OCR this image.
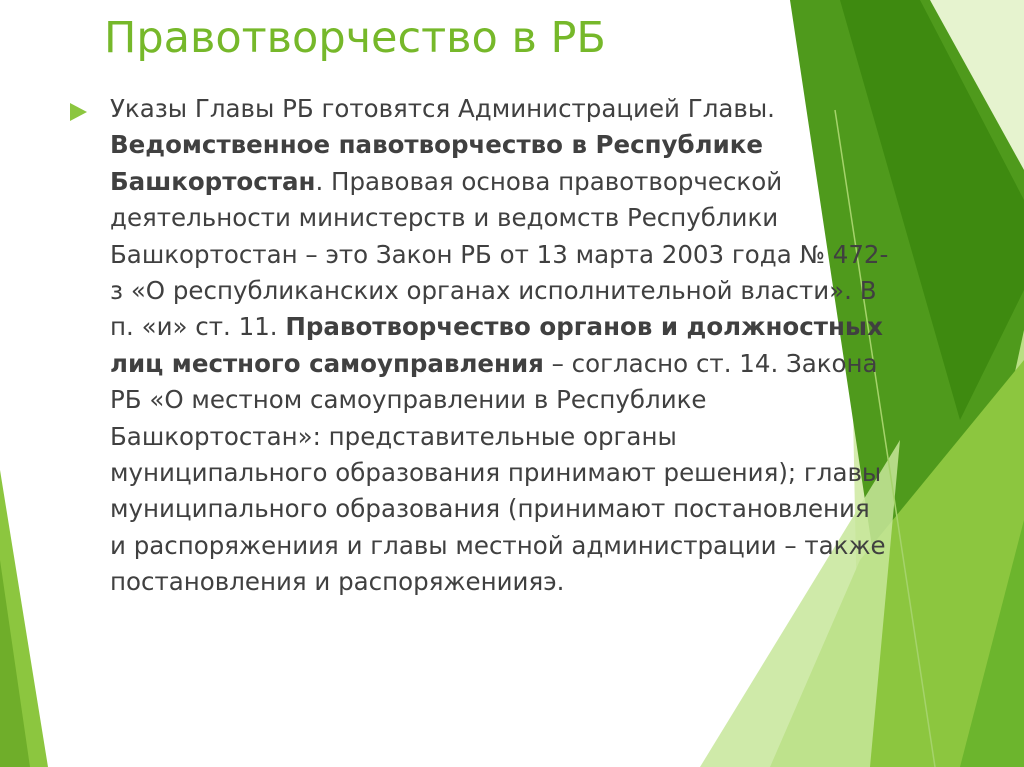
Правотворчество в РБ

Указы Главы РБ готовятся Администрацией Главы.
Ведомственное павотворчество в Республике
Башкортостан. Правовая основа правотворческой
деятельности министерств и ведомств Республики
Башкортостан – это Закон РБ от 13 марта 2003 года № 472-
з «О республиканских органах исполнительной власти». В
п. «и» ст. 11. Правотворчество органов и должностных
лиц местного самоуправления – согласно ст. 14. Закона
РБ «О местном самоуправлении в Республике
Башкортостан»: представительные органы
муниципального образования принимают решения); главы
муниципального образования (принимают постановления
и распоряжениия и главы местной администрации – также
постановления и распоряжениияэ.
